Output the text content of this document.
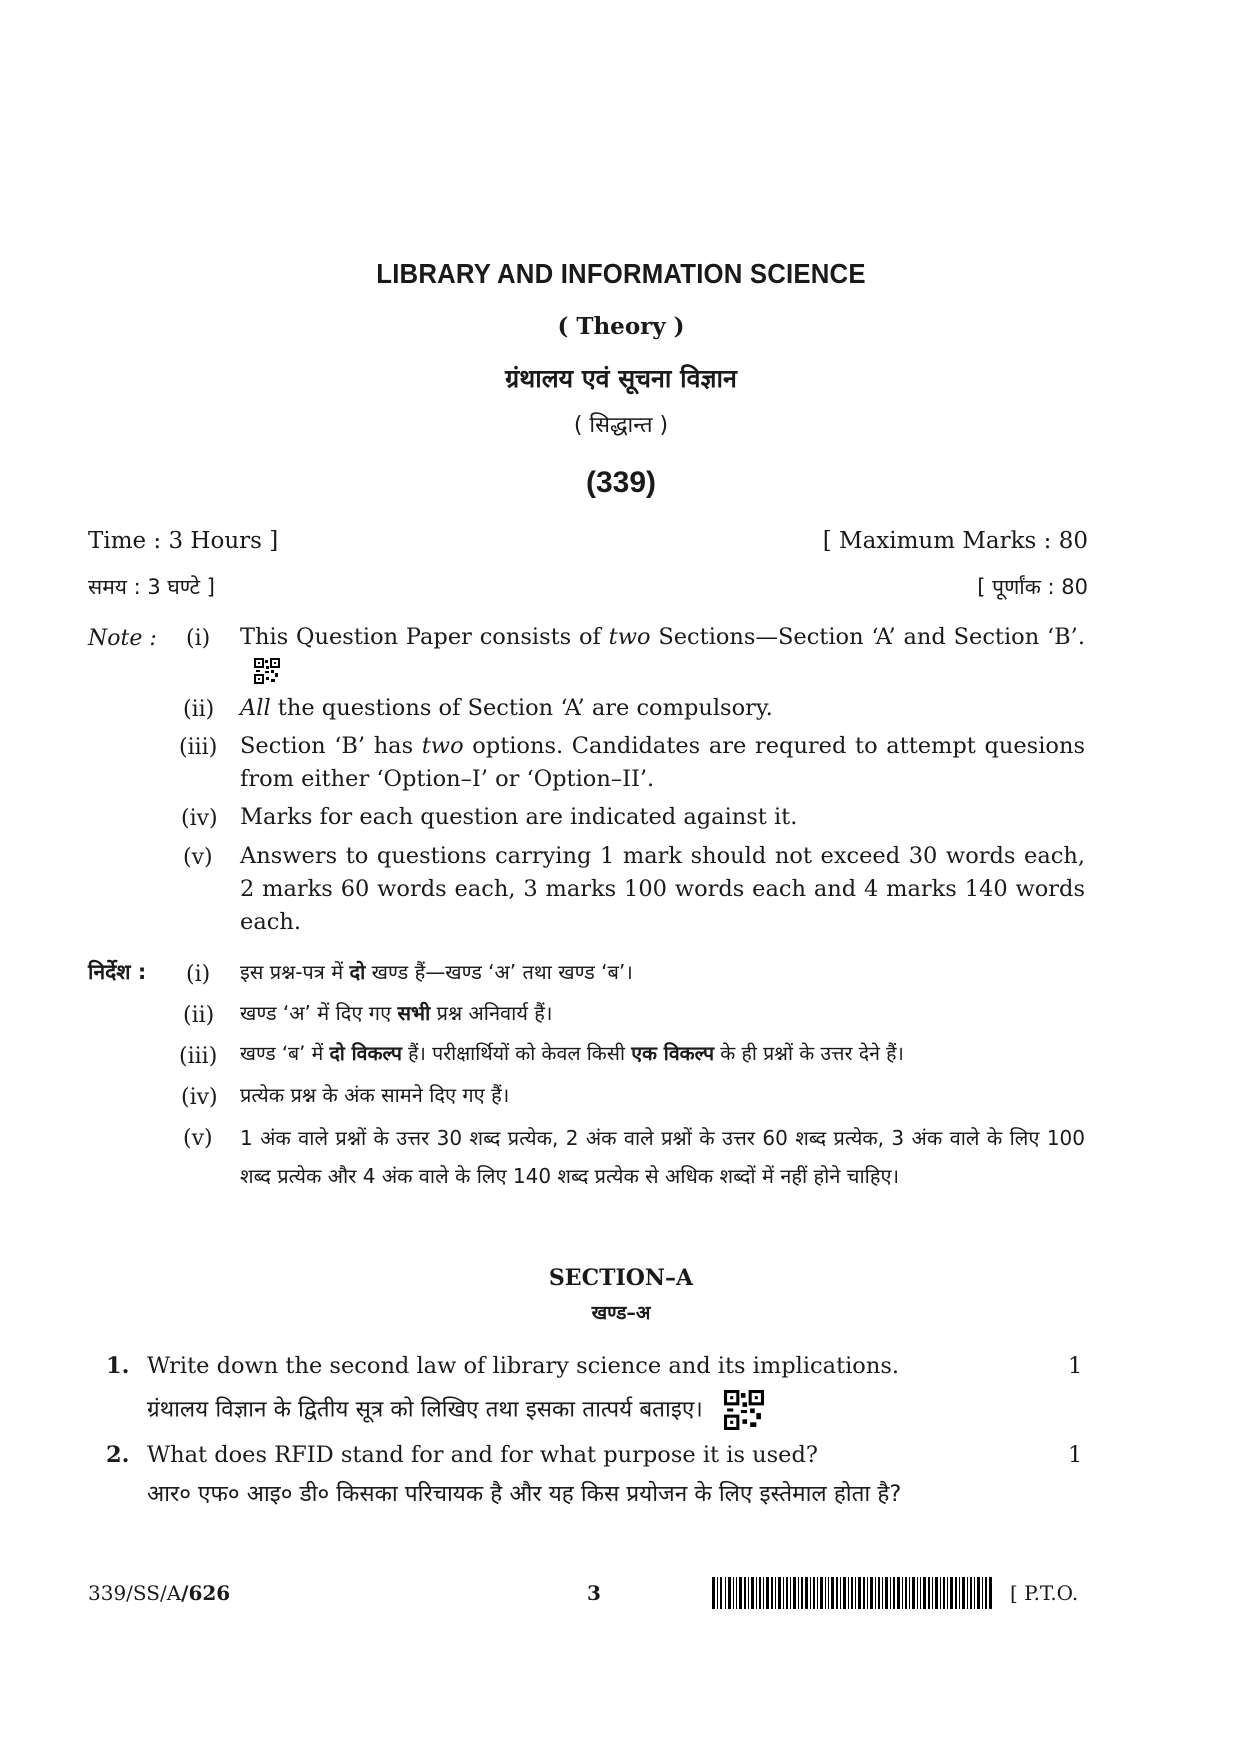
LIBRARY AND INFORMATION SCIENCE
( Theory )
ग्रंथालय एवं सूचना विज्ञान
( सिद्धान्त )
(339)
Time : 3 Hours ]	[ Maximum Marks : 80
समय : 3 घण्टे ]	[ पूर्णांक : 80
Note : (i) This Question Paper consists of two Sections—Section ‘A’ and Section ‘B’.
(ii) All the questions of Section ‘A’ are compulsory.
(iii) Section ‘B’ has two options. Candidates are requred to attempt quesions from either ‘Option–I’ or ‘Option–II’.
(iv) Marks for each question are indicated against it.
(v) Answers to questions carrying 1 mark should not exceed 30 words each, 2 marks 60 words each, 3 marks 100 words each and 4 marks 140 words each.
निर्देश : (i) इस प्रश्न-पत्र में दो खण्ड हैं—खण्ड ‘अ’ तथा खण्ड ‘ब’।
(ii) खण्ड ‘अ’ में दिए गए सभी प्रश्न अनिवार्य हैं।
(iii) खण्ड ‘ब’ में दो विकल्प हैं। परीक्षार्थियों को केवल किसी एक विकल्प के ही प्रश्नों के उत्तर देने हैं।
(iv) प्रत्येक प्रश्न के अंक सामने दिए गए हैं।
(v) 1 अंक वाले प्रश्नों के उत्तर 30 शब्द प्रत्येक, 2 अंक वाले प्रश्नों के उत्तर 60 शब्द प्रत्येक, 3 अंक वाले के लिए 100 शब्द प्रत्येक और 4 अंक वाले के लिए 140 शब्द प्रत्येक से अधिक शब्दों में नहीं होने चाहिए।
SECTION–A
खण्ड–अ
1. Write down the second law of library science and its implications.	1
ग्रंथालय विज्ञान के द्वितीय सूत्र को लिखिए तथा इसका तात्पर्य बताइए।
2. What does RFID stand for and for what purpose it is used?	1
आर० एफ० आइ० डी० किसका परिचायक है और यह किस प्रयोजन के लिए इस्तेमाल होता है?
339/SS/A/626	3	[ P.T.O.
